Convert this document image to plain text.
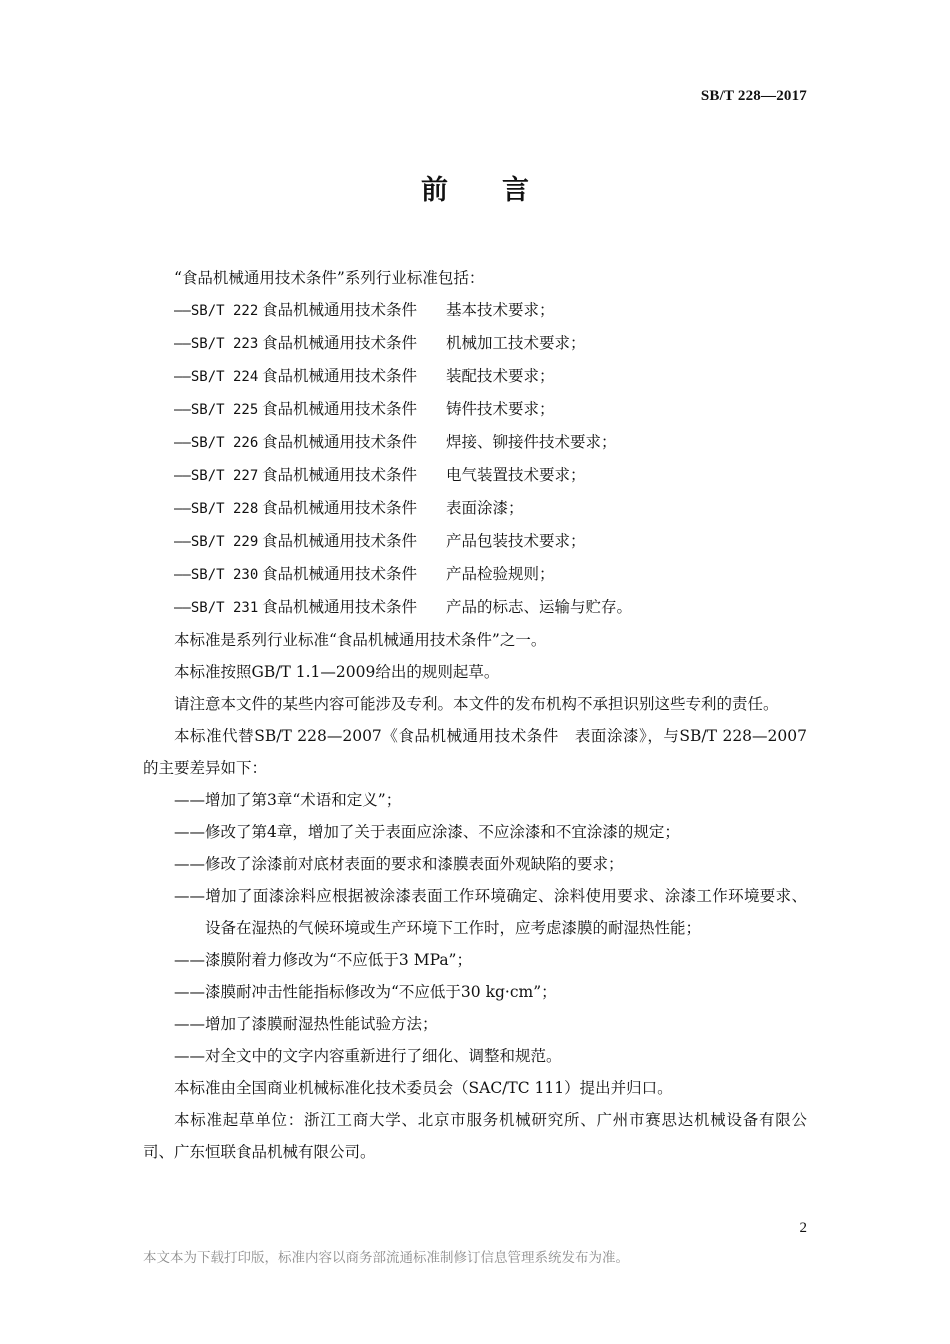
SB/T 228—2017
前言

“食品机械通用技术条件”系列行业标准包括：

——SB/T 222 食品机械通用技术条件 基本技术要求；

——SB/T 223 食品机械通用技术条件 机械加工技术要求；

——SB/T 224 食品机械通用技术条件 装配技术要求；

——SB/T 225 食品机械通用技术条件 铸件技术要求；

——SB/T 226 食品机械通用技术条件 焊接、铆接件技术要求；

——SB/T 227 食品机械通用技术条件 电气装置技术要求；

——SB/T 228 食品机械通用技术条件 表面涂漆；

——SB/T 229 食品机械通用技术条件 产品包装技术要求；

——SB/T 230 食品机械通用技术条件 产品检验规则；

——SB/T 231 食品机械通用技术条件 产品的标志、运输与贮存。

本标准是系列行业标准“食品机械通用技术条件”之一。

本标准按照GB/T 1.1—2009给出的规则起草。

请注意本文件的某些内容可能涉及专利。本文件的发布机构不承担识别这些专利的责任。

本标准代替SB/T 228—2007《食品机械通用技术条件　表面涂漆》，与SB/T 228—2007的主要差异如下：

——增加了第3章“术语和定义”；

——修改了第4章，增加了关于表面应涂漆、不应涂漆和不宜涂漆的规定；

——修改了涂漆前对底材表面的要求和漆膜表面外观缺陷的要求；

——增加了面漆涂料应根据被涂漆表面工作环境确定、涂料使用要求、涂漆工作环境要求、设备在湿热的气候环境或生产环境下工作时，应考虑漆膜的耐湿热性能；

——漆膜附着力修改为“不应低于3 MPa”；

——漆膜耐冲击性能指标修改为“不应低于30 kg·cm”；

——增加了漆膜耐湿热性能试验方法；

——对全文中的文字内容重新进行了细化、调整和规范。

本标准由全国商业机械标准化技术委员会（SAC/TC 111）提出并归口。

本标准起草单位：浙江工商大学、北京市服务机械研究所、广州市赛思达机械设备有限公司、广东恒联食品机械有限公司。

2
本文本为下载打印版，标准内容以商务部流通标准制修订信息管理系统发布为准。
